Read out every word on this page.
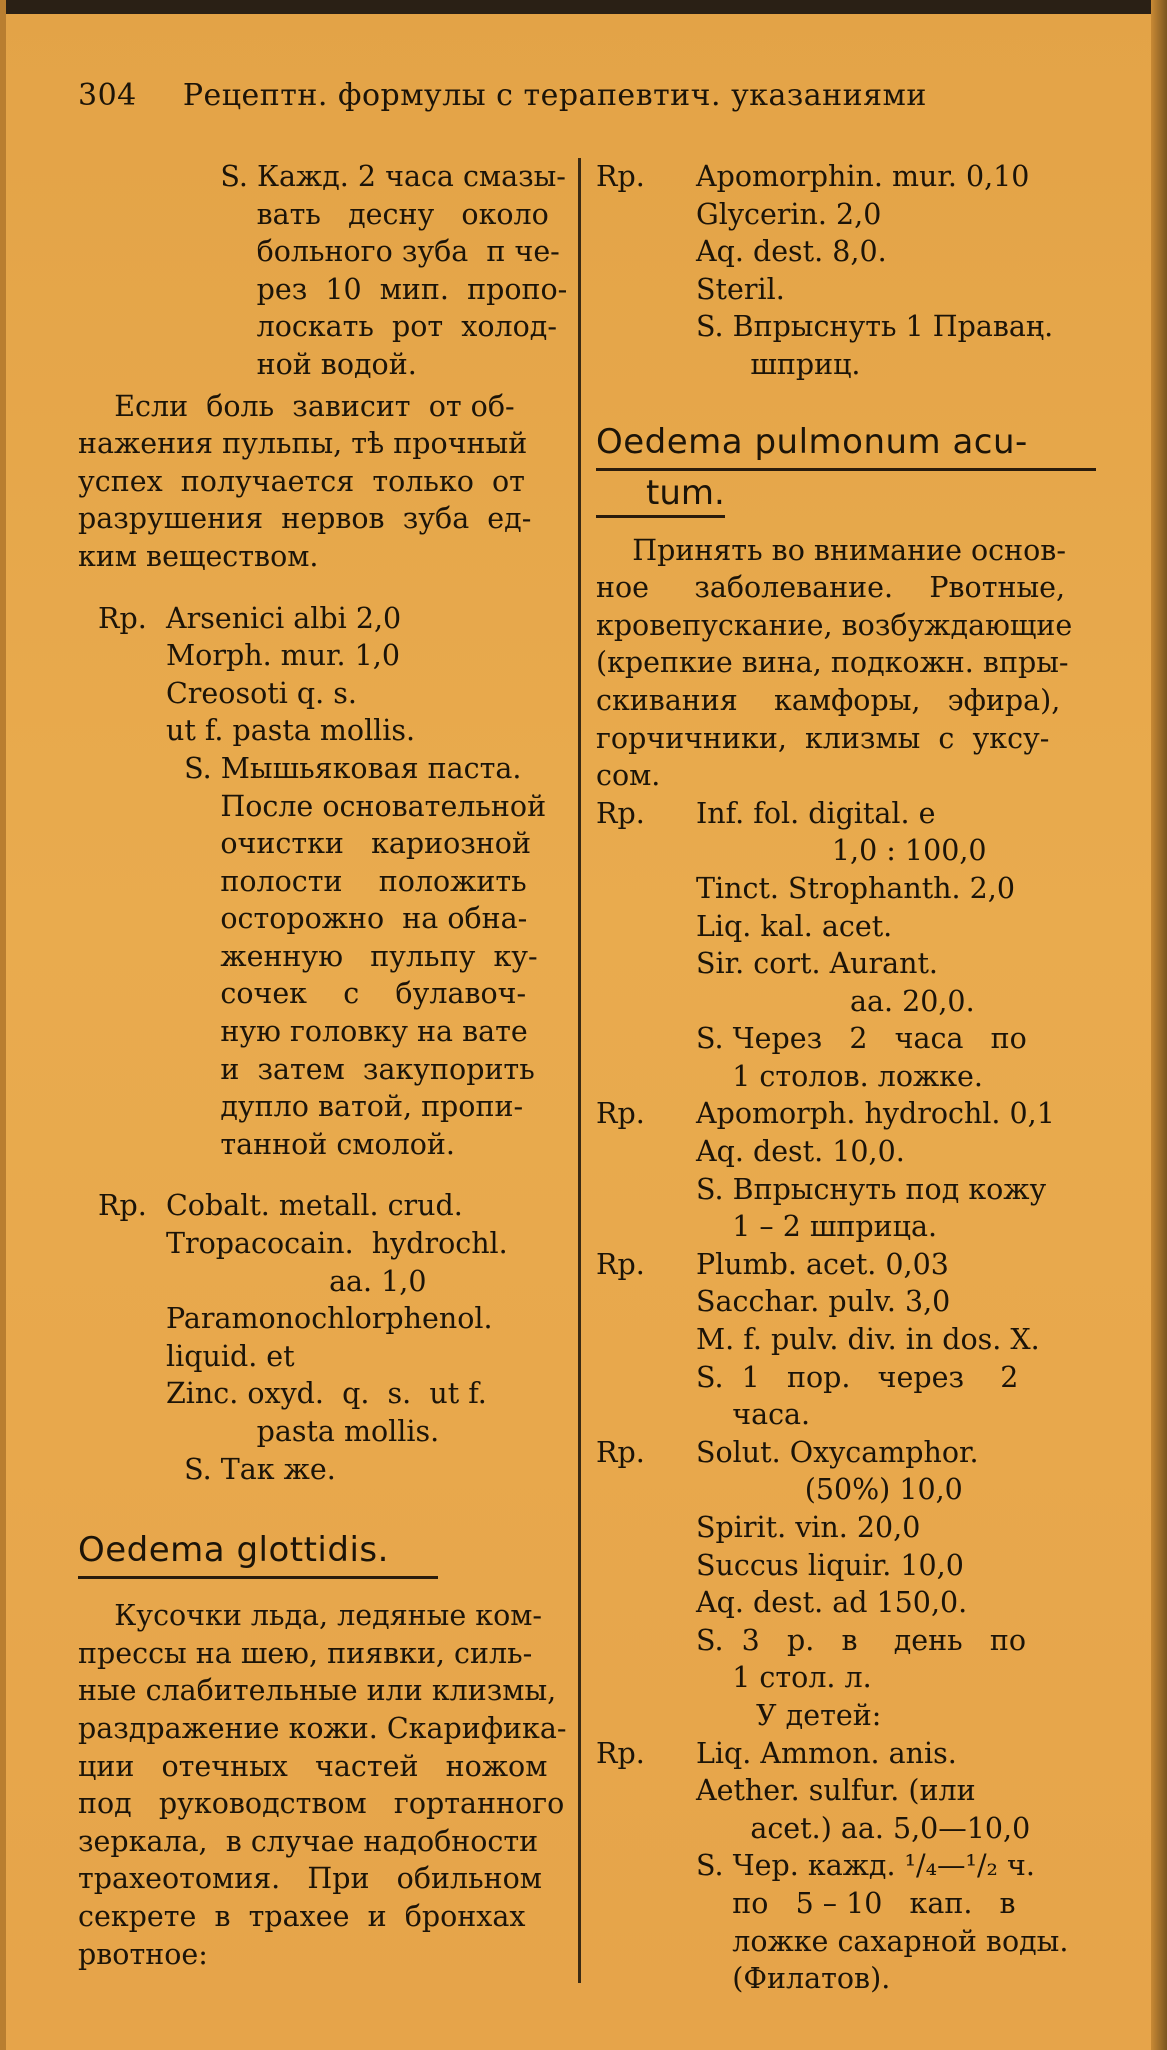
304 Рецептн. формулы с терапевтич. указаниями
S. Кажд. 2 часа смазы-
вать   десну   около
больного зуба  п че-
рез  10  мип.  пропо-
лоскать  рот  холод-
ной водой.
Если  боль  зависит  от об-
нажения пульпы, тѣ прочный
успех  получается  только  от
разрушения  нервов  зуба  ед-
ким веществом.
Rp. Arsenici albi 2,0
Morph. mur. 1,0
Creosoti q. s.
ut f. pasta mollis.
S. Мышьяковая паста.
После основательной
очистки   кариозной
полости    положить
осторожно  на обна-
женную   пульпу  ку-
сочек    с    булавоч-
ную головку на вате
и  затем  закупорить
дупло ватой, пропи-
танной смолой.
Rp. Cobalt. metall. crud.
Tropacocain.  hydrochl.
aa. 1,0
Paramonochlorphenol.
liquid. et
Zinc. oxyd.  q.  s.  ut f.
pasta mollis.
S. Так же.
Oedema glottidis.
Кусочки льда, ледяные ком-
прессы на шею, пиявки, силь-
ные слабительные или клизмы,
раздражение кожи. Скарифика-
ции   отечных   частей   ножом
под   руководством   гортанного
зеркала,  в случае надобности
трахеотомия.   При   обильном
секрете  в  трахее  и  бронхах
рвотное:
Rp.	Apomorphin. mur. 0,10
Glycerin. 2,0
Aq. dest. 8,0.
Steril.
S. Впрыснуть 1 Праваң.
шприц.
Oedema pulmonum acu-
tum.
Принять во внимание основ-
ное     заболевание.    Рвотные,
кровепускание, возбуждающие
(крепкие вина, подкожн. впры-
скивания    камфоры,   эфира),
горчичники,  клизмы  с  уксу-
сом.
Rp.	Inf. fol. digital. e
1,0 : 100,0
Tinct. Strophanth. 2,0
Liq. kal. acet.
Sir. cort. Aurant.
aa. 20,0.
S. Через   2   часа   по
1 столов. ложке.
Rp.	Apomorph. hydrochl. 0,1
Aq. dest. 10,0.
S. Впрыснуть под кожу
1 – 2 шприца.
Rp.	Plumb. acet. 0,03
Sacchar. pulv. 3,0
M. f. pulv. div. in dos. X.
S.  1   пор.   через    2
часа.
Rp.	Solut. Oxycamphor.
(50%) 10,0
Spirit. vin. 20,0
Succus liquir. 10,0
Aq. dest. ad 150,0.
S.  3   р.   в    день   по
1 стол. л.
У детей:
Rp.	Liq. Ammon. anis.
Aether. sulfur. (или
acet.) aa. 5,0—10,0
S. Чер. кажд. ¹/₄—¹/₂ ч.
по   5 – 10   кап.   в
ложке сахарной воды.
(Филатов).
